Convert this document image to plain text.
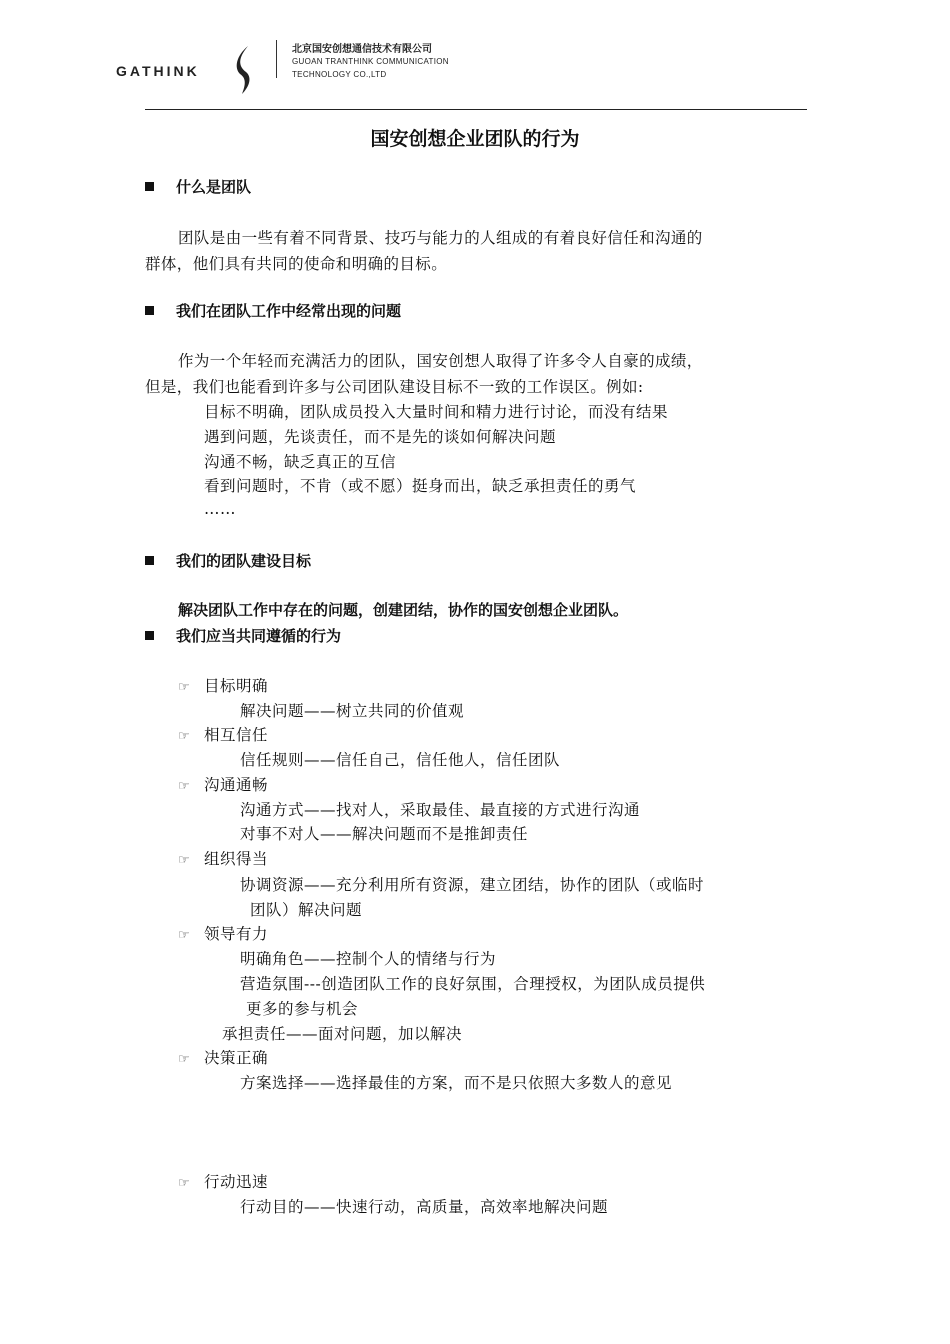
GATHINK
北京国安创想通信技术有限公司
GUOAN TRANTHINK COMMUNICATION
TECHNOLOGY CO.,LTD
国安创想企业团队的行为
什么是团队
团队是由一些有着不同背景、技巧与能力的人组成的有着良好信任和沟通的
群体，他们具有共同的使命和明确的目标。
我们在团队工作中经常出现的问题
作为一个年轻而充满活力的团队，国安创想人取得了许多令人自豪的成绩，
但是，我们也能看到许多与公司团队建设目标不一致的工作误区。例如:
目标不明确，团队成员投入大量时间和精力进行讨论，而没有结果
遇到问题，先谈责任，而不是先的谈如何解决问题
沟通不畅，缺乏真正的互信
看到问题时，不肯（或不愿）挺身而出，缺乏承担责任的勇气
……
我们的团队建设目标
解决团队工作中存在的问题，创建团结，协作的国安创想企业团队。
我们应当共同遵循的行为
☞ 目标明确
解决问题——树立共同的价值观
☞ 相互信任
信任规则——信任自己，信任他人，信任团队
☞ 沟通通畅
沟通方式——找对人，采取最佳、最直接的方式进行沟通
对事不对人——解决问题而不是推卸责任
☞ 组织得当
协调资源——充分利用所有资源，建立团结，协作的团队（或临时
团队）解决问题
☞ 领导有力
明确角色——控制个人的情绪与行为
营造氛围---创造团队工作的良好氛围，合理授权，为团队成员提供
更多的参与机会
承担责任——面对问题，加以解决
☞ 决策正确
方案选择——选择最佳的方案，而不是只依照大多数人的意见
☞ 行动迅速
行动目的——快速行动，高质量，高效率地解决问题
